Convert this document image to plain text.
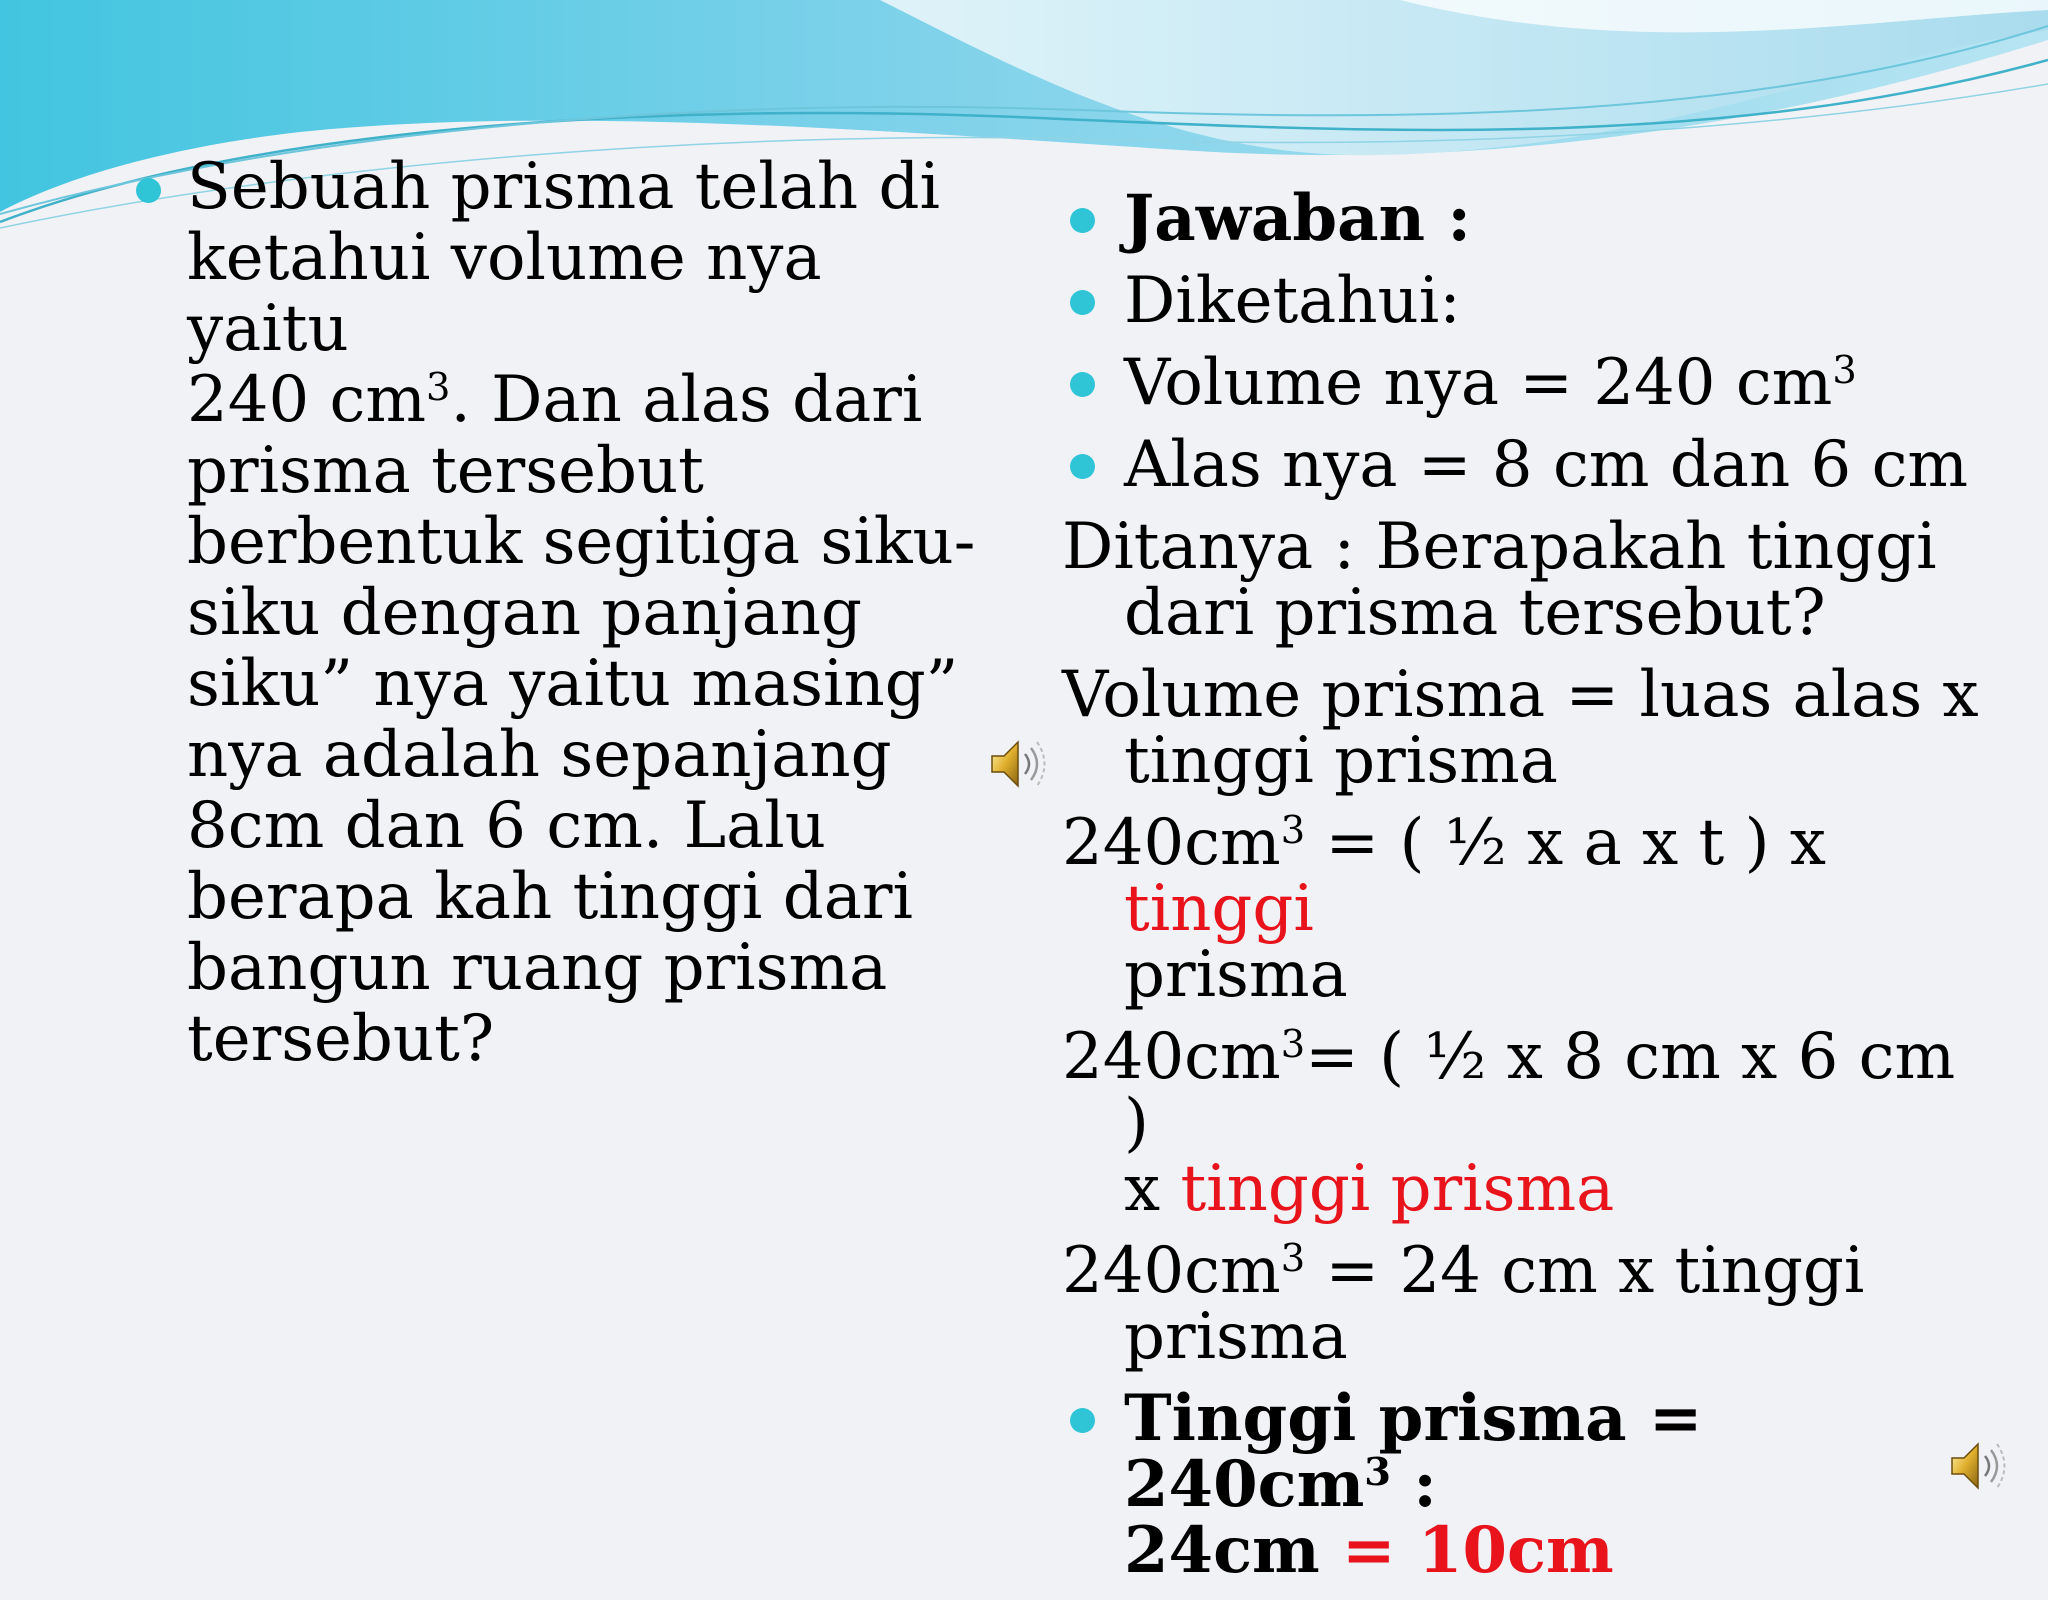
Sebuah prisma telah di
ketahui volume nya yaitu
240 $cm^3$. Dan alas dari
prisma tersebut
berbentuk segitiga siku-
siku dengan panjang
siku” nya yaitu masing”
nya adalah sepanjang
8cm dan 6 cm. Lalu
berapa kah tinggi dari
bangun ruang prisma
tersebut?
Jawaban :
Diketahui:
Volume nya = 240 $cm^3$
Alas nya = 8 cm dan 6 cm
Ditanya : Berapakah tinggi
dari prisma tersebut?
Volume prisma = luas alas x
tinggi prisma
$240cm^3$ = ( ½ x a x t ) x tinggi
prisma
$240cm^3=$ ( ½ x 8 cm x 6 cm )
x tinggi prisma
$240cm^3 = 24$ cm x tinggi
prisma
Tinggi prisma = $240cm^3$ :
24cm = 10cm
